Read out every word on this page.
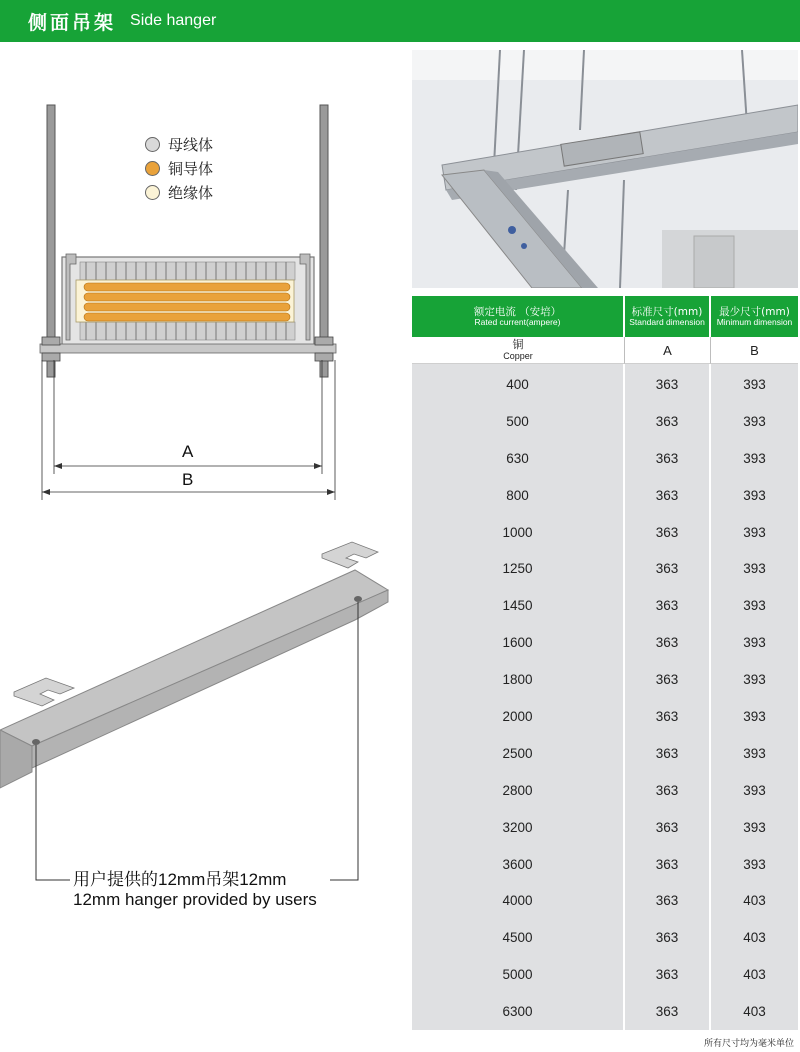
侧面吊架 Side hanger
母线体
铜导体
绝缘体
A
B
用户提供的12mm吊架12mm
12mm hanger provided by users
额定电流 （安培）
Rated current(ampere)
标准尺寸(mm)
Standard dimension
最少尺寸(mm)
Minimum dimension
铜
Copper	A	B
400
500
630
800
1000
1250
1450
1600
1800
2000
2500
2800
3200
3600
4000
4500
5000
6300
363
363
363
363
363
363
363
363
363
363
363
363
363
363
363
363
363
363
393
393
393
393
393
393
393
393
393
393
393
393
393
393
403
403
403
403
所有尺寸均为毫米单位
